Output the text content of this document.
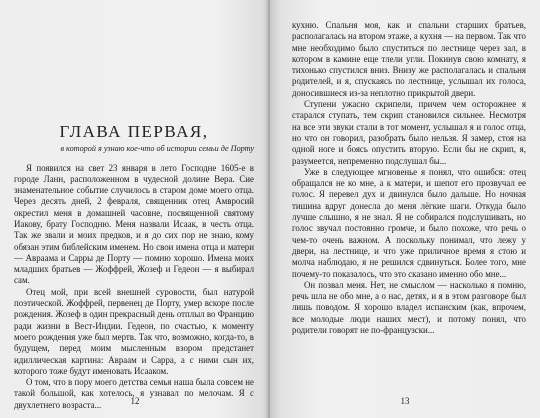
ГЛАВА ПЕРВАЯ,
в которой я узнаю кое-что об истории семьи де Порту

Я появился на свет 23 января в лето Господне 1605-е в городе Ланн, расположенном в чудесной долине Вера. Сие знаменательное событие случилось в старом доме моего отца. Через десять дней, 2 февраля, священник отец Амвросий окрестил меня в домашней часовне, посвященной святому Иакову, брату Господню. Меня назвали Исаак, в честь отца. Так же звали и моих предков, и я до сих пор не знаю, кому обязан этим библейским именем. Но свои имена отца и матери — Авраама и Сарры де Порту — помню хорошо. Имена моих младших братьев — Жоффрей, Жозеф и Гедеон — я выбирал сам.

Отец мой, при всей внешней суровости, был натурой поэтической. Жоффрей, первенец де Порту, умер вскоре после рождения. Жозеф в один прекрасный день отплыл во Францию ради жизни в Вест-Индии. Гедеон, по счастью, к моменту моего рождения уже был мертв. Так что, возможно, когда-то, в будущем, перед моим мысленным взором предстанет идиллическая картина: Авраам и Сарра, а с ними сын их, которого тоже будут именовать Исааком.

О том, что в пору моего детства семья наша была совсем не такой большой, как хотелось, я узнавал по мелочам. Я с двухлетнего возраста...	12

кухню. Спальня моя, как и спальни старших братьев, располагалась на втором этаже, а кухня — на первом. Так что мне необходимо было спуститься по лестнице через зал, в котором в камине еще тлели угли. Покинув свою комнату, я тихонько спустился вниз. Внизу же располагалась и спальня родителей, и я, спускаясь по лестнице, услышал их голоса, доносившиеся из-за неплотно прикрытой двери.

Ступени ужасно скрипели, причем чем осторожнее я старался ступать, тем скрип становился сильнее. Несмотря на все эти звуки стали в тот момент, услышал я и голос отца, но что он говорил, разобрать было нельзя. Я замер, стоя на одной ноге и боясь опустить вторую. Если бы не скрип, я, разумеется, непременно подслушал бы...

Уже в следующее мгновенье я понял, что ошибся: отец обращался не ко мне, а к матери, и шепот его прозвучал ее голос. Я перевел дух и двинулся было дальше. Но ночная тишина вдруг донесла до меня лёгкие шаги. Откуда было лучше слышно, я не знал. Я не собирался подслушивать, но голос звучал постоянно громче, и было похоже, что речь о чем-то очень важном. А поскольку понимал, что лежу у двери, на лестнице, и что уже приличное время я стою и молча наблюдаю, я не решился сдвинуться. Более того, мне почему-то показалось, что это сказано именно обо мне...

Он позвал меня. Нет, не смыслом — насколько я помню, речь шла не обо мне, а о нас, детях, и я в этом разговоре был лишь поводом. Я хорошо владел испанским (как, впрочем, все молодые люди наших мест), и потому понял, что родители говорят не по-французски...

13
